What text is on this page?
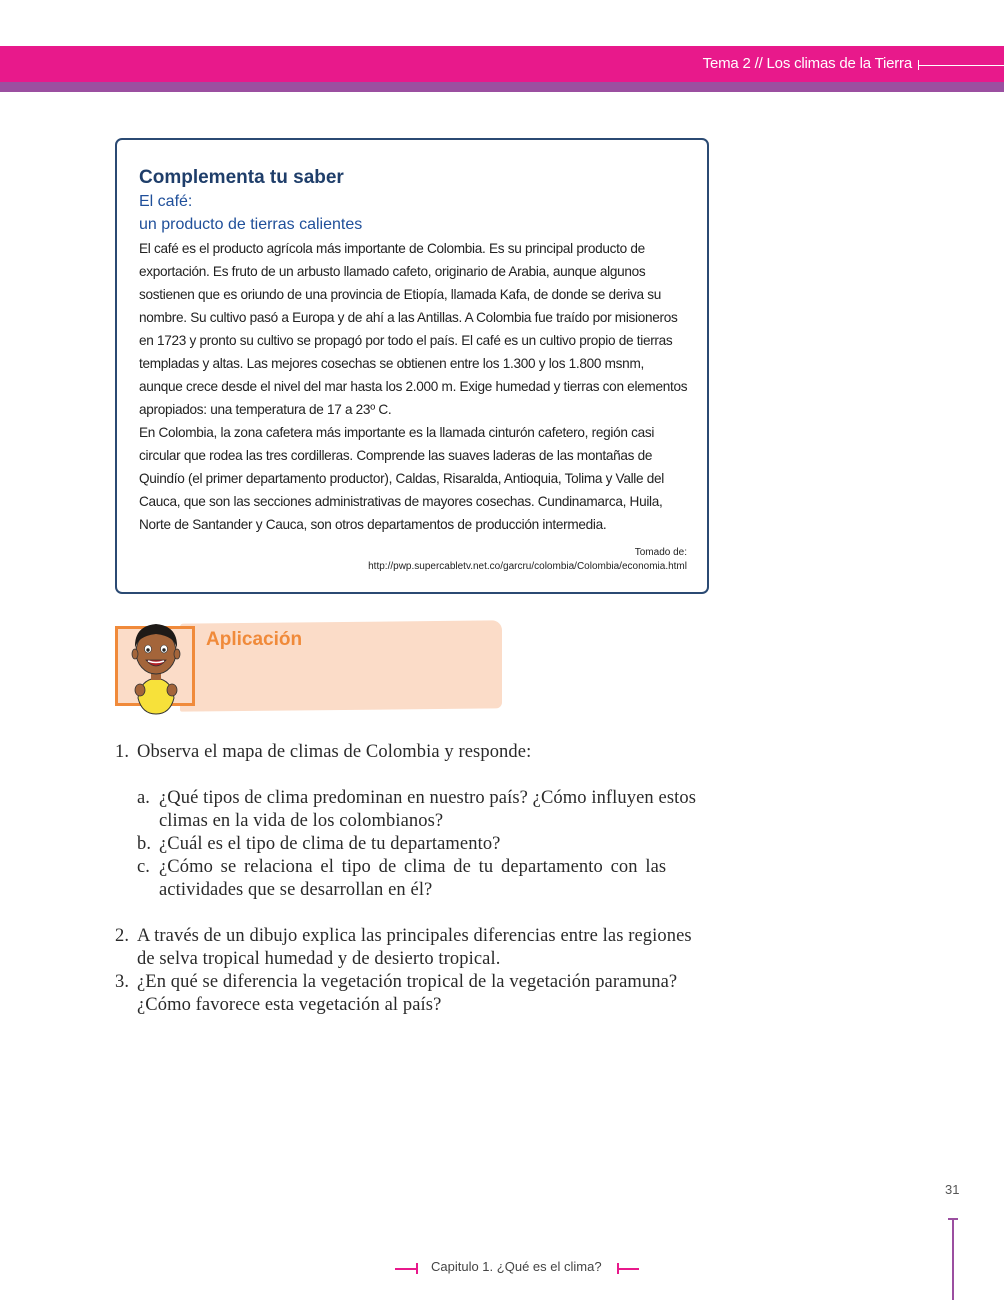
Tema 2 // Los climas de la Tierra
Complementa tu saber
El café:
un producto de tierras calientes

El café es el producto agrícola más importante de Colombia. Es su principal producto de

exportación. Es fruto de un arbusto llamado cafeto, originario de Arabia, aunque algunos

sostienen que es oriundo de una provincia de Etiopía, llamada Kafa, de donde se deriva su

nombre. Su cultivo pasó a Europa y de ahí a las Antillas. A Colombia fue traído por misioneros

en 1723 y pronto su cultivo se propagó por todo el país. El café es un cultivo propio de tierras

templadas y altas. Las mejores cosechas se obtienen entre los 1.300 y los 1.800 msnm,

aunque crece desde el nivel del mar hasta los 2.000 m. Exige humedad y tierras con elementos

apropiados: una temperatura de 17 a 23º C.

En Colombia, la zona cafetera más importante es la llamada cinturón cafetero, región casi

circular que rodea las tres cordilleras. Comprende las suaves laderas de las montañas de

Quindío (el primer departamento productor), Caldas, Risaralda, Antioquia, Tolima y Valle del

Cauca, que son las secciones administrativas de mayores cosechas. Cundinamarca, Huila,

Norte de Santander y Cauca, son otros departamentos de producción intermedia.

Tomado de:
http://pwp.supercabletv.net.co/garcru/colombia/Colombia/economia.html
Aplicación
1. Observa el mapa de climas de Colombia y responde:
a. ¿Qué tipos de clima predominan en nuestro país? ¿Cómo influyen estos
climas en la vida de los colombianos?
b. ¿Cuál es el tipo de clima de tu departamento?
c. ¿Cómo se relaciona el tipo de clima de tu departamento con las
actividades que se desarrollan en él?
2. A través de un dibujo explica las principales diferencias entre las regiones
de selva tropical humedad y de desierto tropical.
3. ¿En qué se diferencia la vegetación tropical de la vegetación paramuna?
¿Cómo favorece esta vegetación al país?
31
Capitulo 1. ¿Qué es el clima?
